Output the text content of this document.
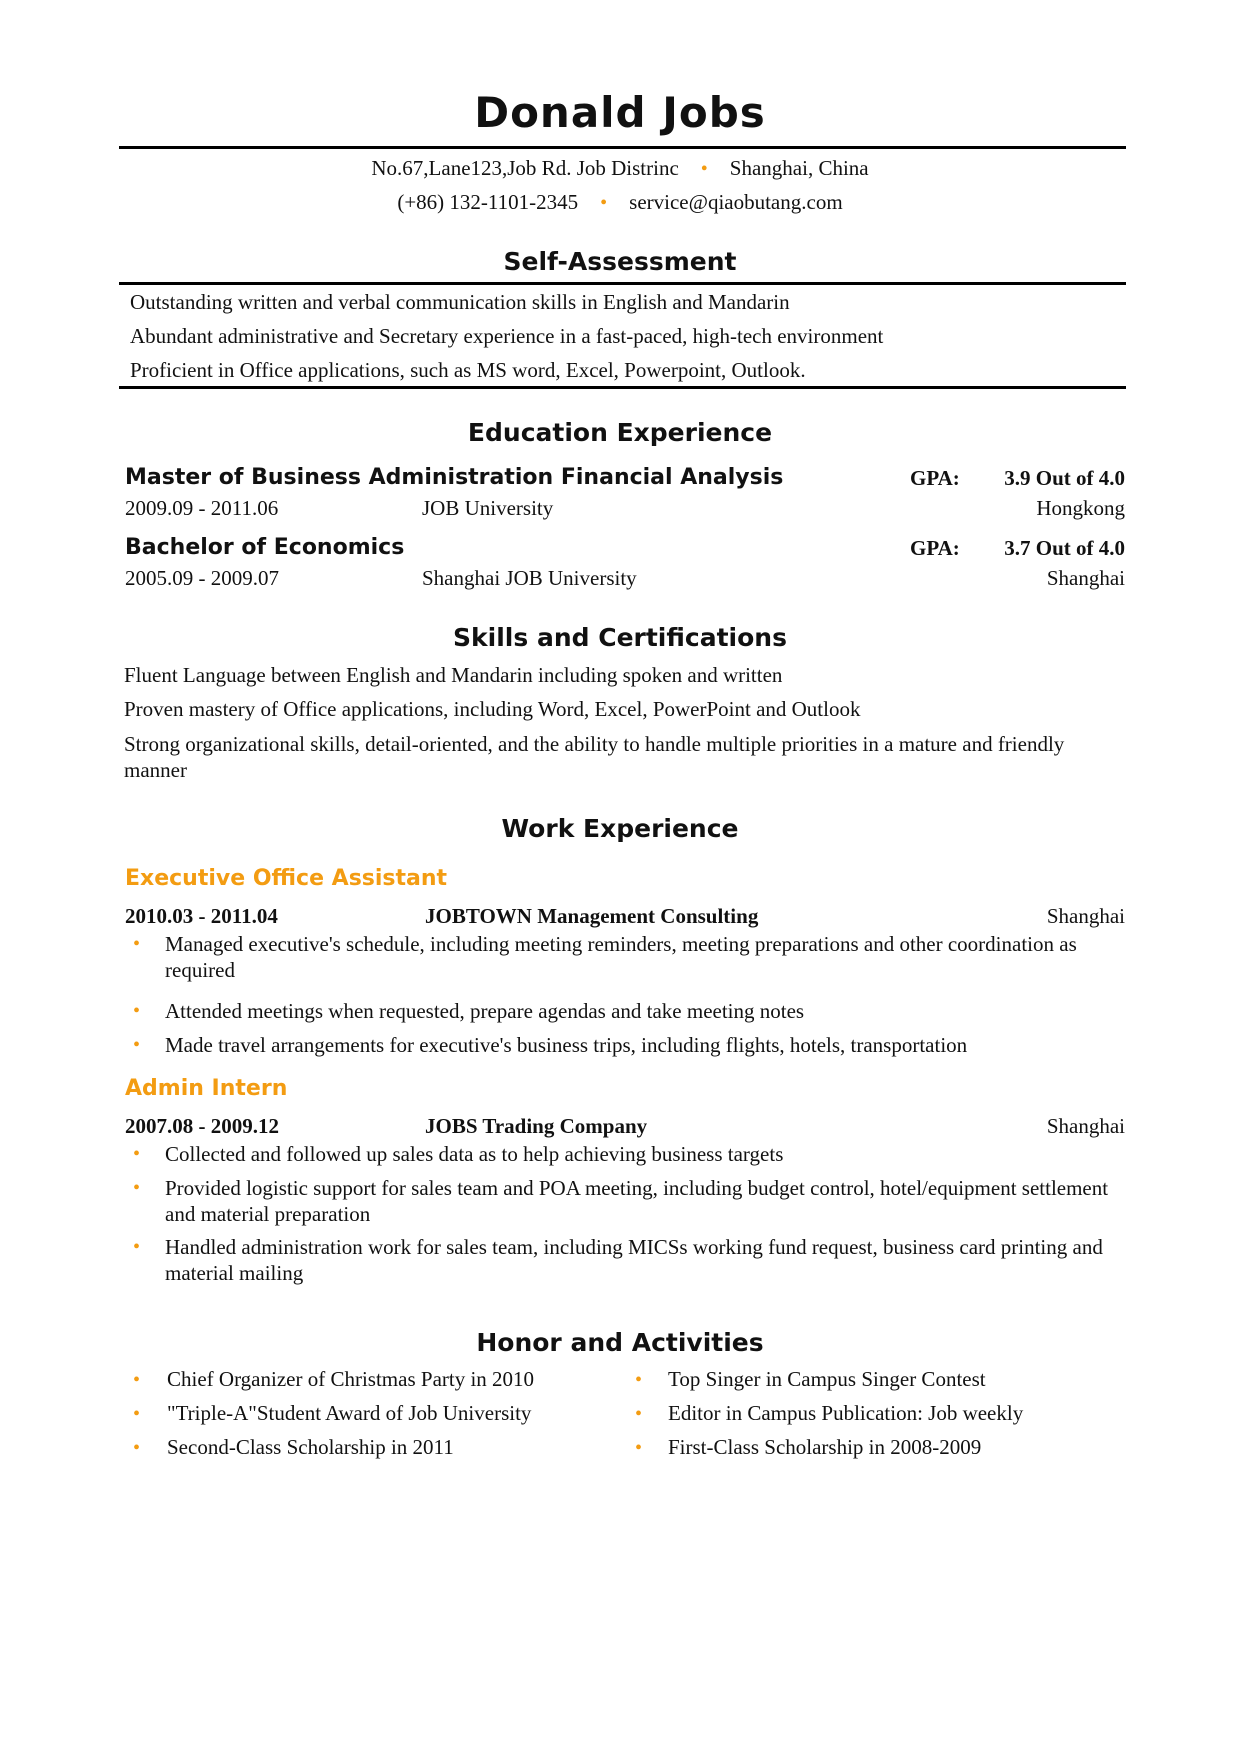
Donald Jobs
No.67,Lane123,Job Rd. Job Distrinc • Shanghai, China
(+86) 132-1101-2345 • service@qiaobutang.com
Self-Assessment
Outstanding written and verbal communication skills in English and Mandarin
Abundant administrative and Secretary experience in a fast-paced, high-tech environment
Proficient in Office applications, such as MS word, Excel, Powerpoint, Outlook.
Education Experience
Master of Business Administration Financial Analysis	GPA: 3.9 Out of 4.0
2009.09 - 2011.06	JOB University	Hongkong
Bachelor of Economics	GPA: 3.7 Out of 4.0
2005.09 - 2009.07	Shanghai JOB University	Shanghai
Skills and Certifications
Fluent Language between English and Mandarin including spoken and written
Proven mastery of Office applications, including Word, Excel, PowerPoint and Outlook
Strong organizational skills, detail-oriented, and the ability to handle multiple priorities in a mature and friendly manner
Work Experience
Executive Office Assistant
2010.03 - 2011.04	JOBTOWN Management Consulting	Shanghai
• Managed executive's schedule, including meeting reminders, meeting preparations and other coordination as required
• Attended meetings when requested, prepare agendas and take meeting notes
• Made travel arrangements for executive's business trips, including flights, hotels, transportation
Admin Intern
2007.08 - 2009.12	JOBS Trading Company	Shanghai
• Collected and followed up sales data as to help achieving business targets
• Provided logistic support for sales team and POA meeting, including budget control, hotel/equipment settlement and material preparation
• Handled administration work for sales team, including MICSs working fund request, business card printing and material mailing
Honor and Activities
• Chief Organizer of Christmas Party in 2010
• "Triple-A"Student Award of Job University
• Second-Class Scholarship in 2011
• Top Singer in Campus Singer Contest
• Editor in Campus Publication: Job weekly
• First-Class Scholarship in 2008-2009
